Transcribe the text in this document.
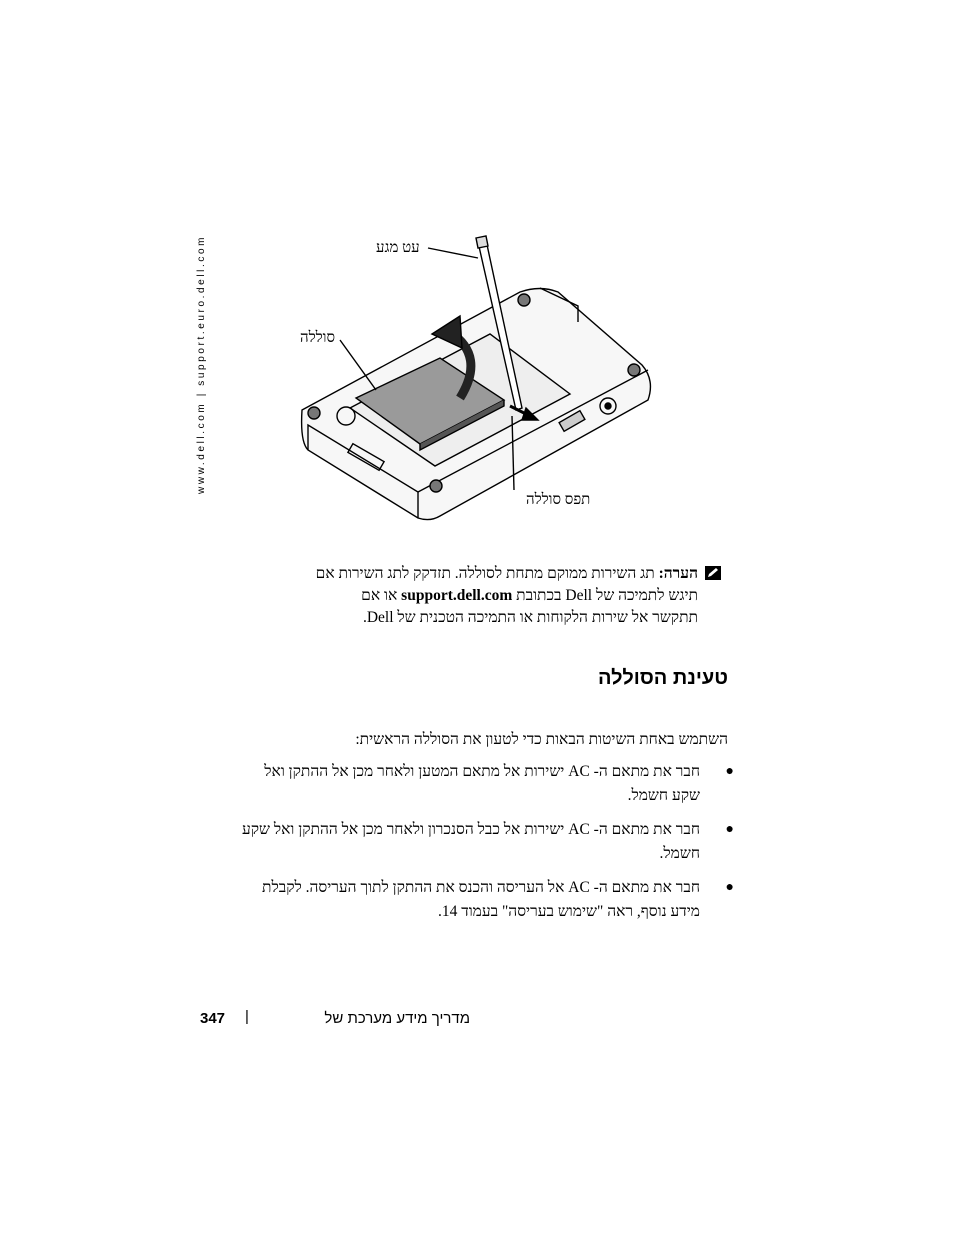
www.dell.com | support.euro.dell.com	עט מגע
סוללה
תפס סוללה
הערה: תג השירות ממוקם מתחת לסוללה. תזדקק לתג השירות אם
תיגש לתמיכה של Dell בכתובת support.dell.com או אם
תתקשר אל שירות הלקוחות או התמיכה הטכנית של Dell.
טעינת הסוללה
השתמש באחת השיטות הבאות כדי לטעון את הסוללה הראשית:
●
חבר את מתאם ה- AC ישירות אל מתאם המטען ולאחר מכן אל ההתקן ואל שקע חשמל.
●
חבר את מתאם ה- AC ישירות אל כבל הסנכרון ולאחר מכן אל ההתקן ואל שקע חשמל.
●
חבר את מתאם ה- AC אל העריסה והכנס את ההתקן לתוך העריסה. לקבלת מידע נוסף, ראה "שימוש בעריסה" בעמוד 14.
347 |	מדריך מידע מערכת של
